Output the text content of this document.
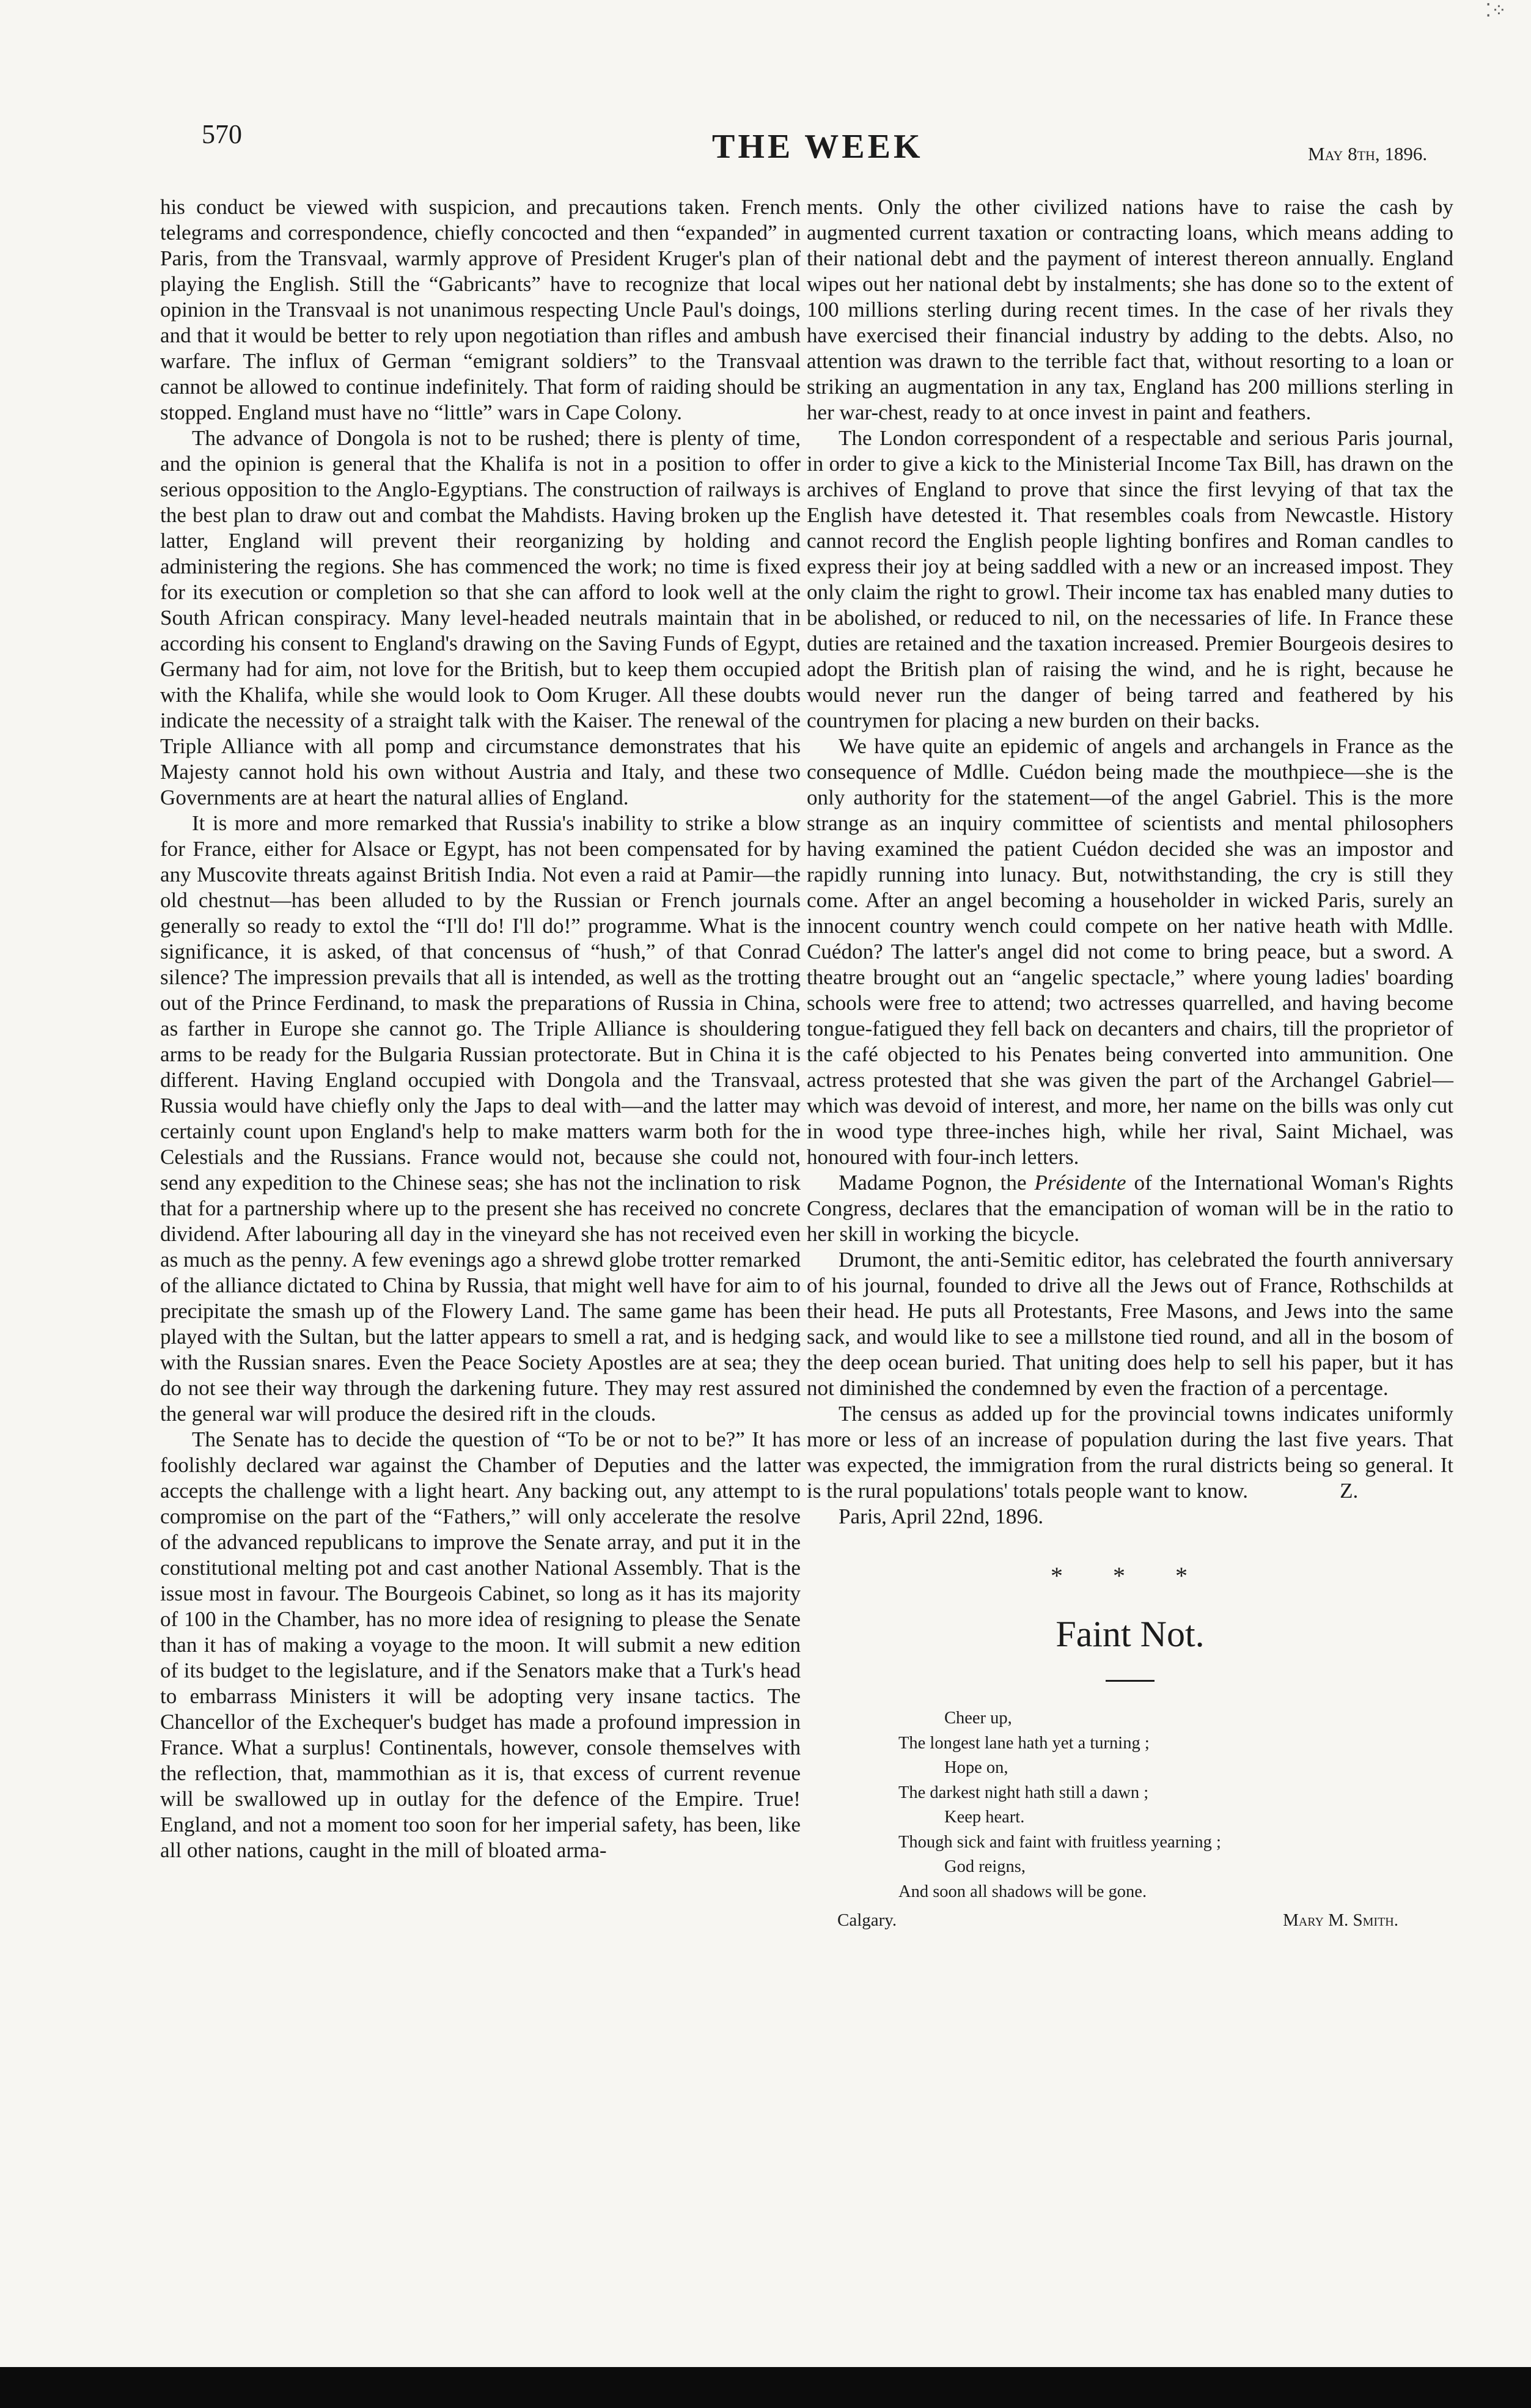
⁚⁘
570	THE WEEK	May 8th, 1896.

his conduct be viewed with suspicion, and precautions taken. French telegrams and correspondence, chiefly concocted and then “expanded” in Paris, from the Transvaal, warmly approve of President Kruger's plan of playing the English. Still the “Gabricants” have to recognize that local opinion in the Transvaal is not unanimous respecting Uncle Paul's doings, and that it would be better to rely upon negotiation than rifles and ambush warfare. The influx of German “emigrant soldiers” to the Transvaal cannot be allowed to continue indefinitely. That form of raiding should be stopped. England must have no “little” wars in Cape Colony.

The advance of Dongola is not to be rushed; there is plenty of time, and the opinion is general that the Khalifa is not in a position to offer serious opposition to the Anglo-Egyptians. The construction of railways is the best plan to draw out and combat the Mahdists. Having broken up the latter, England will prevent their reorganizing by holding and administering the regions. She has commenced the work; no time is fixed for its execution or completion so that she can afford to look well at the South African conspiracy. Many level-headed neutrals maintain that in according his consent to England's drawing on the Saving Funds of Egypt, Germany had for aim, not love for the British, but to keep them occupied with the Khalifa, while she would look to Oom Kruger. All these doubts indicate the necessity of a straight talk with the Kaiser. The renewal of the Triple Alliance with all pomp and circumstance demonstrates that his Majesty cannot hold his own without Austria and Italy, and these two Governments are at heart the natural allies of England.

It is more and more remarked that Russia's inability to strike a blow for France, either for Alsace or Egypt, has not been compensated for by any Muscovite threats against British India. Not even a raid at Pamir—the old chestnut—has been alluded to by the Russian or French journals generally so ready to extol the “I'll do! I'll do!” programme. What is the significance, it is asked, of that concensus of “hush,” of that Conrad silence? The impression prevails that all is intended, as well as the trotting out of the Prince Ferdinand, to mask the preparations of Russia in China, as farther in Europe she cannot go. The Triple Alliance is shouldering arms to be ready for the Bulgaria Russian protectorate. But in China it is different. Having England occupied with Dongola and the Transvaal, Russia would have chiefly only the Japs to deal with—and the latter may certainly count upon England's help to make matters warm both for the Celestials and the Russians. France would not, because she could not, send any expedition to the Chinese seas; she has not the inclination to risk that for a partnership where up to the present she has received no concrete dividend. After labouring all day in the vineyard she has not received even as much as the penny. A few evenings ago a shrewd globe trotter remarked of the alliance dictated to China by Russia, that might well have for aim to precipitate the smash up of the Flowery Land. The same game has been played with the Sultan, but the latter appears to smell a rat, and is hedging with the Russian snares. Even the Peace Society Apostles are at sea; they do not see their way through the darkening future. They may rest assured the general war will produce the desired rift in the clouds.

The Senate has to decide the question of “To be or not to be?” It has foolishly declared war against the Chamber of Deputies and the latter accepts the challenge with a light heart. Any backing out, any attempt to compromise on the part of the “Fathers,” will only accelerate the resolve of the advanced republicans to improve the Senate array, and put it in the constitutional melting pot and cast another National Assembly. That is the issue most in favour. The Bourgeois Cabinet, so long as it has its majority of 100 in the Chamber, has no more idea of resigning to please the Senate than it has of making a voyage to the moon. It will submit a new edition of its budget to the legislature, and if the Senators make that a Turk's head to embarrass Ministers it will be adopting very insane tactics. The Chancellor of the Exchequer's budget has made a profound impression in France. What a surplus! Continentals, however, console themselves with the reflection, that, mammothian as it is, that excess of current revenue will be swallowed up in outlay for the defence of the Empire. True! England, and not a moment too soon for her imperial safety, has been, like all other nations, caught in the mill of bloated arma-

ments. Only the other civilized nations have to raise the cash by augmented current taxation or contracting loans, which means adding to their national debt and the payment of interest thereon annually. England wipes out her national debt by instalments; she has done so to the extent of 100 millions sterling during recent times. In the case of her rivals they have exercised their financial industry by adding to the debts. Also, no attention was drawn to the terrible fact that, without resorting to a loan or striking an augmentation in any tax, England has 200 millions sterling in her war-chest, ready to at once invest in paint and feathers.

The London correspondent of a respectable and serious Paris journal, in order to give a kick to the Ministerial Income Tax Bill, has drawn on the archives of England to prove that since the first levying of that tax the English have detested it. That resembles coals from Newcastle. History cannot record the English people lighting bonfires and Roman candles to express their joy at being saddled with a new or an increased impost. They only claim the right to growl. Their income tax has enabled many duties to be abolished, or reduced to nil, on the necessaries of life. In France these duties are retained and the taxation increased. Premier Bourgeois desires to adopt the British plan of raising the wind, and he is right, because he would never run the danger of being tarred and feathered by his countrymen for placing a new burden on their backs.

We have quite an epidemic of angels and archangels in France as the consequence of Mdlle. Cuédon being made the mouthpiece—she is the only authority for the statement—of the angel Gabriel. This is the more strange as an inquiry committee of scientists and mental philosophers having examined the patient Cuédon decided she was an impostor and rapidly running into lunacy. But, notwithstanding, the cry is still they come. After an angel becoming a householder in wicked Paris, surely an innocent country wench could compete on her native heath with Mdlle. Cuédon? The latter's angel did not come to bring peace, but a sword. A theatre brought out an “angelic spectacle,” where young ladies' boarding schools were free to attend; two actresses quarrelled, and having become tongue-fatigued they fell back on decanters and chairs, till the proprietor of the café objected to his Penates being converted into ammunition. One actress protested that she was given the part of the Archangel Gabriel—which was devoid of interest, and more, her name on the bills was only cut in wood type three-inches high, while her rival, Saint Michael, was honoured with four-inch letters.

Madame Pognon, the Présidente of the International Woman's Rights Congress, declares that the emancipation of woman will be in the ratio to her skill in working the bicycle.

Drumont, the anti-Semitic editor, has celebrated the fourth anniversary of his journal, founded to drive all the Jews out of France, Rothschilds at their head. He puts all Protestants, Free Masons, and Jews into the same sack, and would like to see a millstone tied round, and all in the bosom of the deep ocean buried. That uniting does help to sell his paper, but it has not diminished the condemned by even the fraction of a percentage.

The census as added up for the provincial towns indicates uniformly more or less of an increase of population during the last five years. That was expected, the immigration from the rural districts being so general. It is the rural populations' totals people want to know.	Z.

Paris, April 22nd, 1896.

* * *
Faint Not.
Cheer up,
The longest lane hath yet a turning ;
Hope on,
The darkest night hath still a dawn ;
Keep heart.
Though sick and faint with fruitless yearning ;
God reigns,
And soon all shadows will be gone.
Calgary.	Mary M. Smith.
